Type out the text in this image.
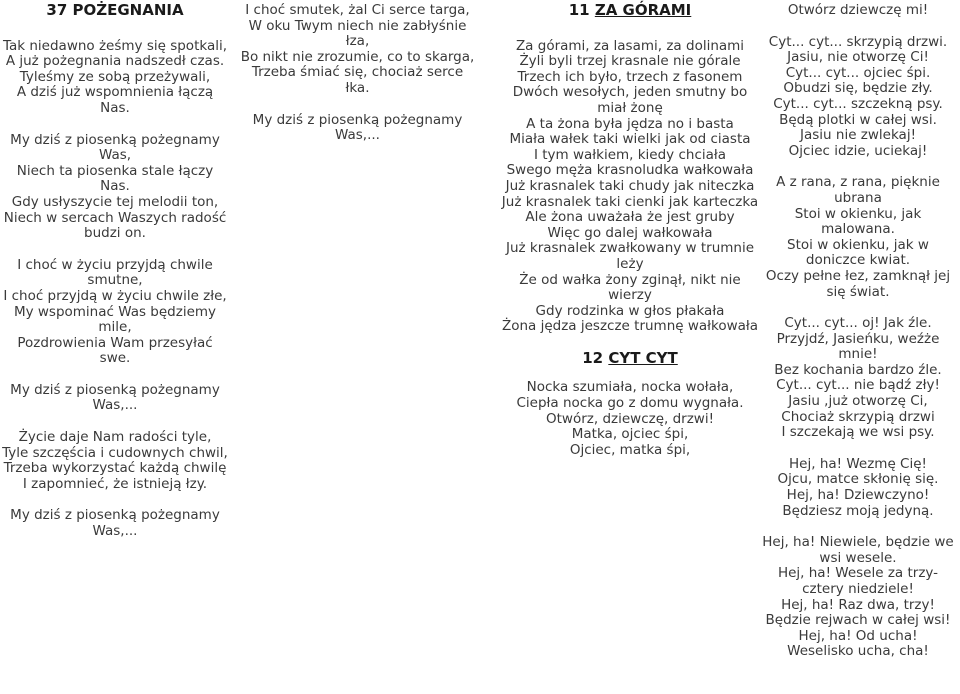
37 POŻEGNANIA
Tak niedawno żeśmy się spotkali,
A już pożegnania nadszedł czas.
Tyleśmy ze sobą przeżywali,
A dziś już wspomnienia łączą Nas.
My dziś z piosenką pożegnamy Was,
Niech ta piosenka stale łączy Nas.
Gdy usłyszycie tej melodii ton,
Niech w sercach Waszych radość budzi on.
I choć w życiu przyjdą chwile smutne,
I choć przyjdą w życiu chwile złe,
My wspominać Was będziemy mile,
Pozdrowienia Wam przesyłać swe.
My dziś z piosenką pożegnamy Was,...
Życie daje Nam radości tyle,
Tyle szczęścia i cudownych chwil,
Trzeba wykorzystać każdą chwilę
I zapomnieć, że istnieją łzy.
My dziś z piosenką pożegnamy Was,...
I choć smutek, żal Ci serce targa,
W oku Twym niech nie zabłyśnie łza,
Bo nikt nie zrozumie, co to skarga,
Trzeba śmiać się, chociaż serce łka.
My dziś z piosenką pożegnamy Was,...
11 ZA GÓRAMI
Za górami, za lasami, za dolinami
Żyli byli trzej krasnale nie górale
Trzech ich było, trzech z fasonem
Dwóch wesołych, jeden smutny bo miał żonę
A ta żona była jędza no i basta
Miała wałek taki wielki jak od ciasta
I tym wałkiem, kiedy chciała
Swego męża krasnoludka wałkowała
Już krasnalek taki chudy jak niteczka
Już krasnalek taki cienki jak karteczka
Ale żona uważała że jest gruby
Więc go dalej wałkowała
Już krasnalek zwałkowany w trumnie leży
Że od wałka żony zginął, nikt nie wierzy
Gdy rodzinka w głos płakała
Żona jędza jeszcze trumnę wałkowała
12 CYT CYT
Nocka szumiała, nocka wołała,
Ciepła nocka go z domu wygnała.
Otwórz, dziewczę, drzwi!
Matka, ojciec śpi,
Ojciec, matka śpi,
Otwórz dziewczę mi!
Cyt... cyt... skrzypią drzwi.
Jasiu, nie otworzę Ci!
Cyt... cyt... ojciec śpi.
Obudzi się, będzie zły.
Cyt... cyt... szczekną psy.
Będą plotki w całej wsi.
Jasiu nie zwlekaj!
Ojciec idzie, uciekaj!
A z rana, z rana, pięknie ubrana
Stoi w okienku, jak malowana.
Stoi w okienku, jak w doniczce kwiat.
Oczy pełne łez, zamknął jej się świat.
Cyt... cyt... oj! Jak źle.
Przyjdź, Jasieńku, weźże mnie!
Bez kochania bardzo źle.
Cyt... cyt... nie bądź zły!
Jasiu ,już otworzę Ci,
Chociaż skrzypią drzwi
I szczekają we wsi psy.
Hej, ha! Wezmę Cię!
Ojcu, matce skłonię się.
Hej, ha! Dziewczyno!
Będziesz moją jedyną.
Hej, ha! Niewiele, będzie we wsi wesele.
Hej, ha! Wesele za trzy-cztery niedziele!
Hej, ha! Raz dwa, trzy!
Będzie rejwach w całej wsi!
Hej, ha! Od ucha!
Weselisko ucha, cha!
